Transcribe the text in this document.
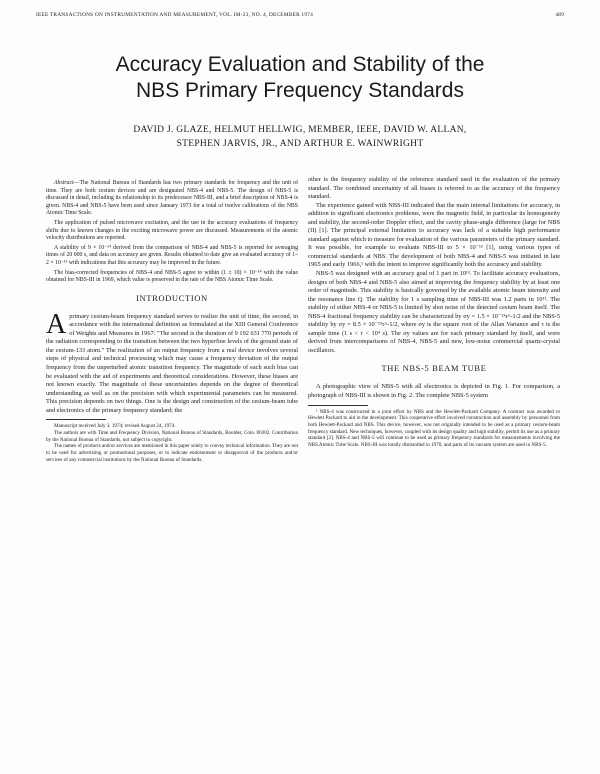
IEEE TRANSACTIONS ON INSTRUMENTATION AND MEASUREMENT, VOL. IM-23, NO. 4, DECEMBER 1974	489
Accuracy Evaluation and Stability of the
NBS Primary Frequency Standards
DAVID J. GLAZE, HELMUT HELLWIG, MEMBER, IEEE, DAVID W. ALLAN,
STEPHEN JARVIS, JR., AND ARTHUR E. WAINWRIGHT

Abstract—The National Bureau of Standards has two primary standards for frequency and the unit of time. They are both cesium devices and are designated NBS-4 and NBS-5. The design of NBS-5 is discussed in detail, including its relationship to its predecessor NBS-III, and a brief description of NBS-4 is given. NBS-4 and NBS-5 have been used since January 1973 for a total of twelve calibrations of the NBS Atomic Time Scale.

The application of pulsed microwave excitation, and the use in the accuracy evaluations of frequency shifts due to known changes in the exciting microwave power are discussed. Measurements of the atomic velocity distributions are reported.

A stability of 9 × 10⁻¹⁴ derived from the comparison of NBS-4 and NBS-5 is reported for averaging times of 20 000 s, and data on accuracy are given. Results obtained to date give an evaluated accuracy of 1–2 × 10⁻¹³ with indications that this accuracy may be improved in the future.

The bias-corrected frequencies of NBS-4 and NBS-5 agree to within (1 ± 10) × 10⁻¹⁴ with the value obtained for NBS-III in 1969, which value is preserved in the rate of the NBS Atomic Time Scale.

INTRODUCTION

Aprimary cesium-beam frequency standard serves to realize the unit of time, the second, in accordance with the international definition as formulated at the XIII General Conference of Weights and Measures in 1967: "The second is the duration of 9 192 631 770 periods of the radiation corresponding to the transition between the two hyperfine levels of the ground state of the cesium-133 atom." The realization of an output frequency from a real device involves several steps of physical and technical processing which may cause a frequency deviation of the output frequency from the unperturbed atomic transition frequency. The magnitude of each such bias can be evaluated with the aid of experiments and theoretical considerations. However, these biases are not known exactly. The magnitude of these uncertainties depends on the degree of theoretical understanding as well as on the precision with which experimental parameters can be measured. This precision depends on two things. One is the design and construction of the cesium-beam tube and electronics of the primary frequency standard; the

Manuscript received July 3, 1974; revised August 24, 1974.

The authors are with Time and Frequency Division, National Bureau of Standards, Boulder, Colo. 80302. Contribution by the National Bureau of Standards, not subject to copyright.

The names of products and/or services are mentioned in this paper solely to convey technical information. They are not to be used for advertising or promotional purposes, or to indicate endorsement or disapproval of the products and/or services of any commercial institutions by the National Bureau of Standards.

other is the frequency stability of the reference standard used in the evaluation of the primary standard. The combined uncertainty of all biases is referred to as the accuracy of the frequency standard.

The experience gained with NBS-III indicated that the main internal limitations for accuracy, in addition to significant electronics problems, were the magnetic field, in particular its homogeneity and stability, the second-order Doppler effect, and the cavity phase-angle difference (large for NBS (II) [1]. The principal external limitation to accuracy was lack of a suitable high performance standard against which to measure for evaluation of the various parameters of the primary standard. It was possible, for example to evaluate NBS-III to 5 × 10⁻¹³ [1], using various types of commercial standards at NBS. The development of both NBS-4 and NBS-5 was initiated in late 1965 and early 1966,¹ with the intent to improve significantly both the accuracy and stability.

NBS-5 was designed with an accuracy goal of 1 part in 10¹³. To facilitate accuracy evaluations, designs of both NBS-4 and NBS-5 also aimed at improving the frequency stability by at least one order of magnitude. This stability is basically governed by the available atomic beam intensity and the resonance line Q. The stability for 1 s sampling time of NBS-III was 1.2 parts in 10¹¹. The stability of either NBS-4 or NBS-5 is limited by shot noise of the detected cesium beam itself. The NBS-4 fractional frequency stability can be characterized by σy = 1.5 × 10⁻¹³τ^-1/2 and the NBS-5 stability by σy = 8.5 × 10⁻¹³τ^-1/2, where σy is the square root of the Allan Variance and τ is the sample time (1 s < τ < 10⁴ s). The σy values are for each primary standard by itself, and were derived from intercomparisons of NBS-4, NBS-5 and new, low-noise commercial quartz-crystal oscillators.

THE NBS-5 BEAM TUBE

A photographic view of NBS-5 with all electronics is depicted in Fig. 1. For comparison, a photograph of NBS-III is shown in Fig. 2. The complete NBS-5 system

¹ NBS-4 was constructed in a joint effort by NBS and the Hewlett-Packard Company. A contract was awarded to Hewlett Packard to aid in the development. This cooperative effort involved construction and assembly by personnel from both Hewlett-Packard and NBS. This device, however, was not originally intended to be used as a primary cesium-beam frequency standard. New techniques, however, coupled with its design quality and high stability, permit its use as a primary standard [2]. NBS-4 and NBS-5 will continue to be used as primary frequency standards for measurements involving the NBS Atomic Time Scale. NBS-III was totally dismantled in 1970, and parts of its vacuum system are used in NBS-5.
